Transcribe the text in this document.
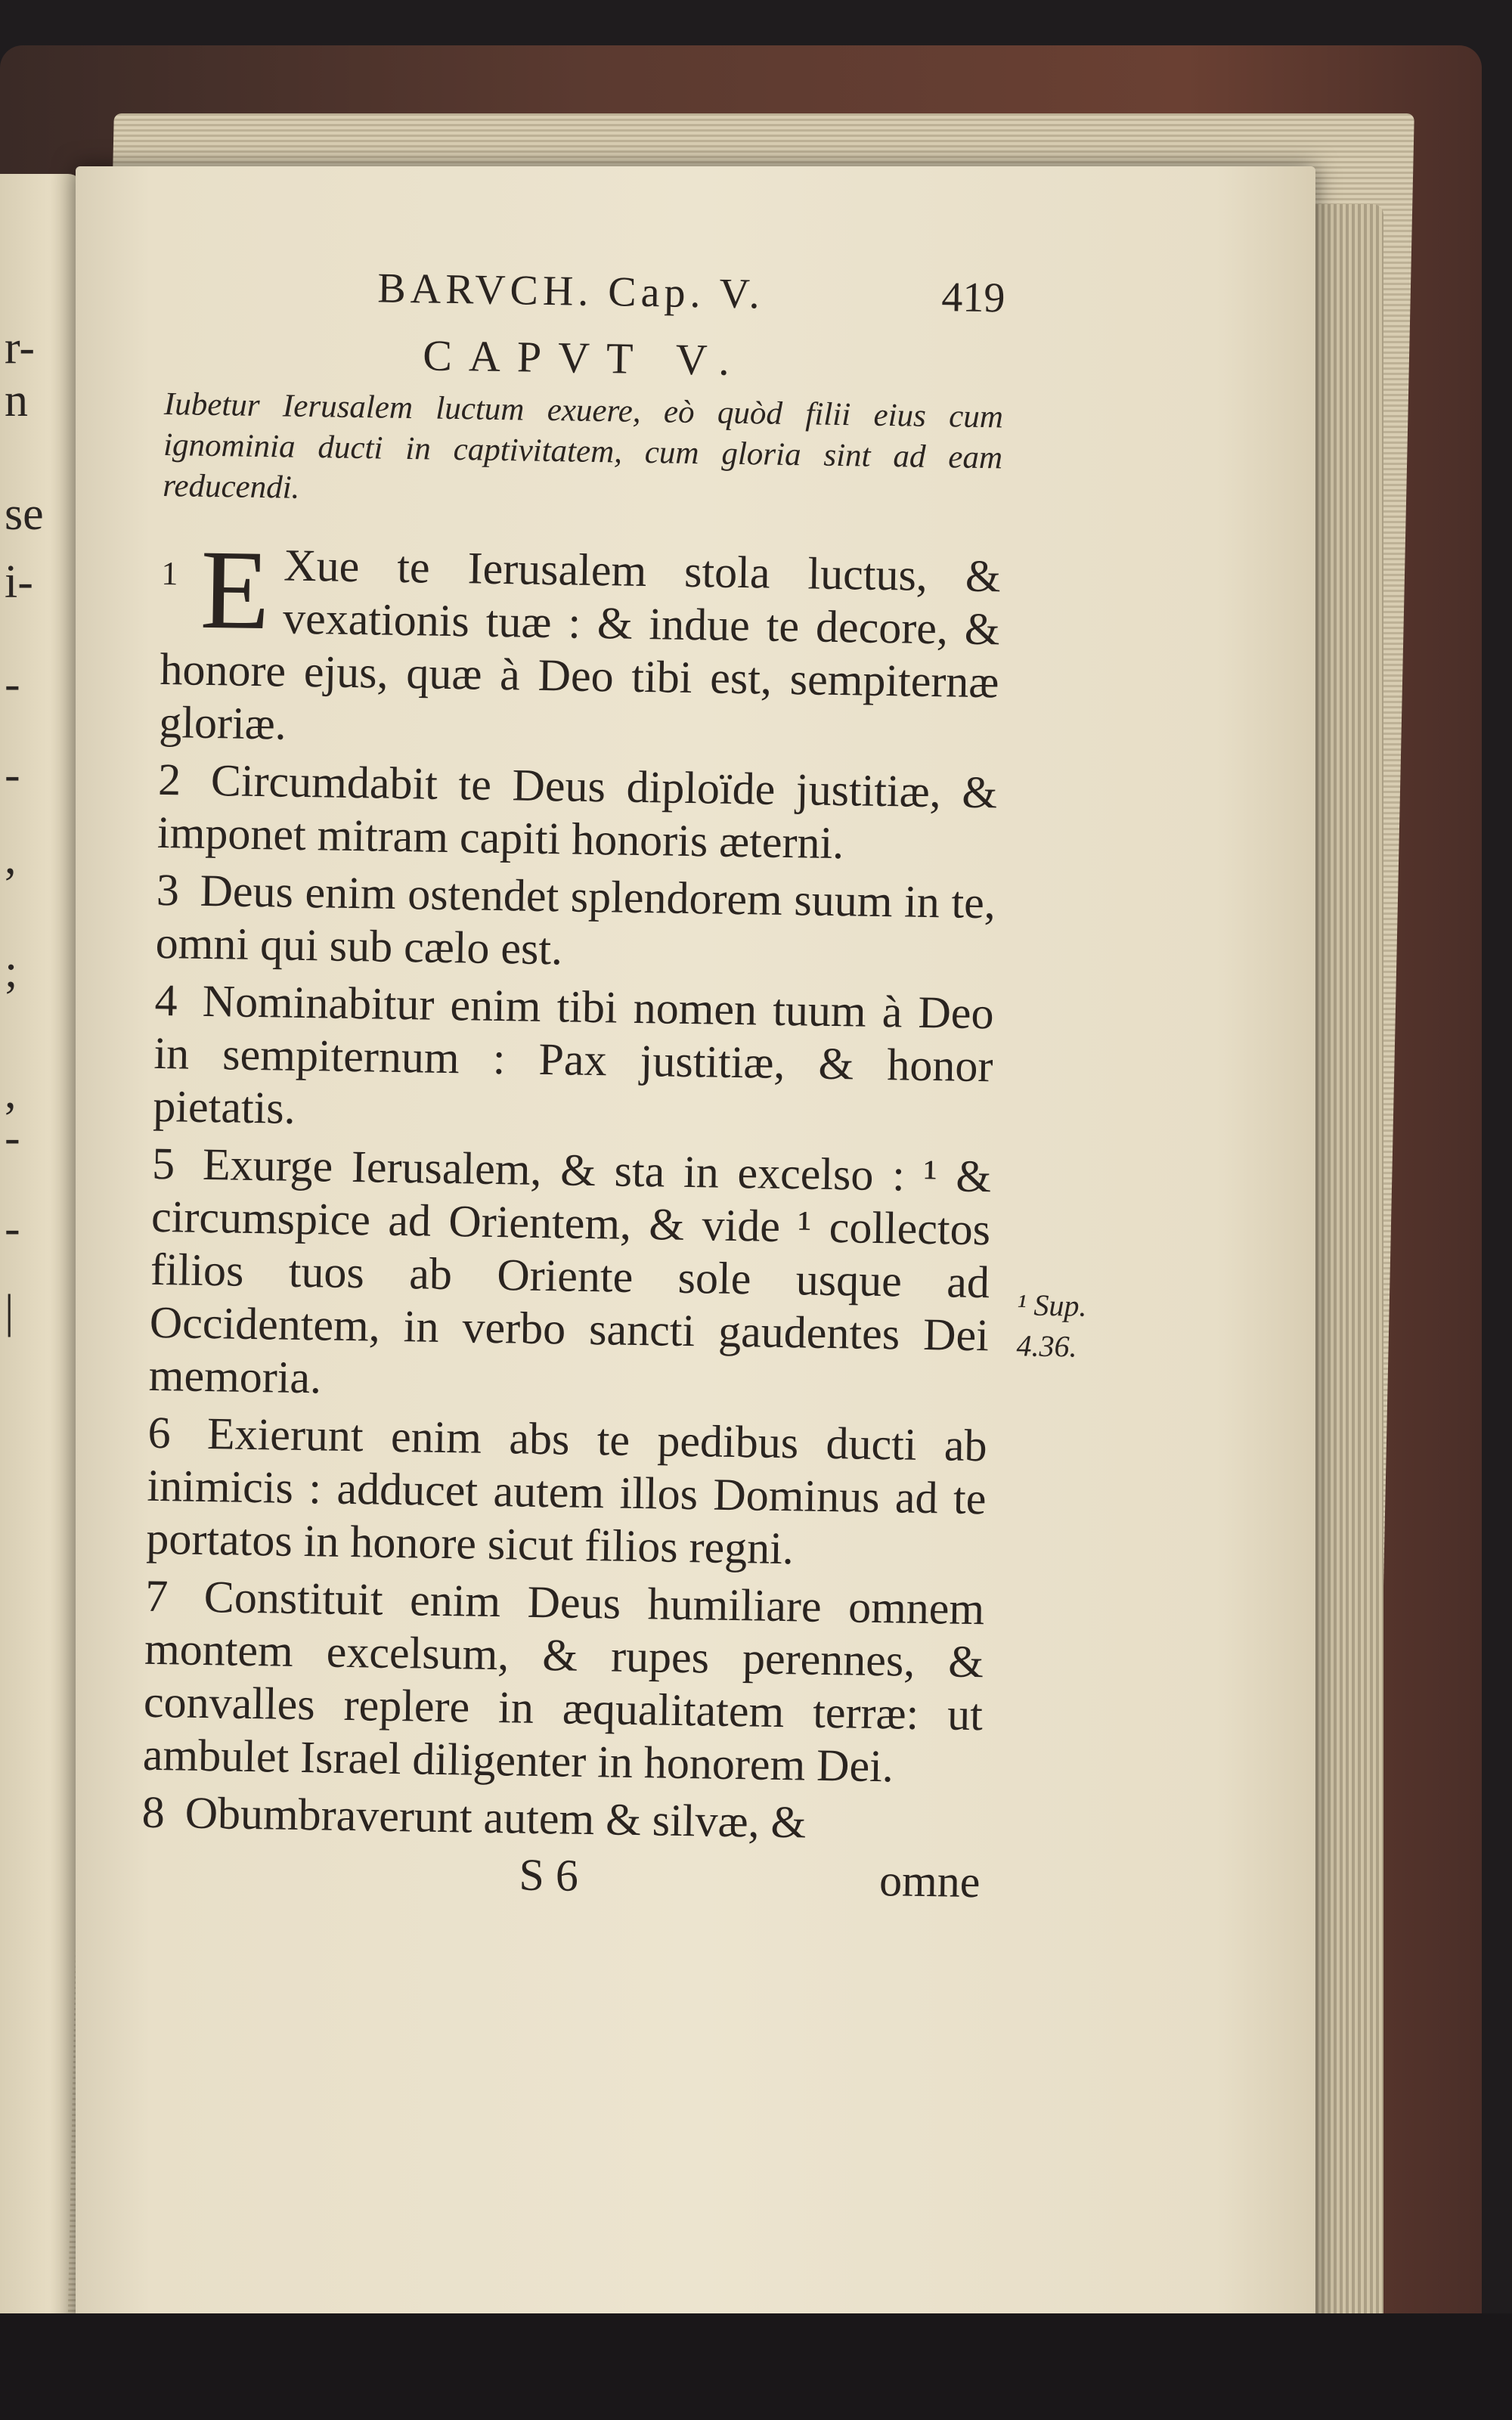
r-
n
se
i-
-
-
,
;
,
-
-
|
BARVCH. Cap. V.	419
CAPVT V.

Iubetur Ierusalem luctum exuere, eò quòd filii eius cum ignominia ducti in captivitatem, cum gloria sint ad eam reducendi.

1 E Xue te Ierusalem stola luctus, & vexationis tuæ : & indue te decore, & honore ejus, quæ à Deo tibi est, sempiternæ gloriæ.
2 Circumdabit te Deus diploïde justitiæ, & imponet mitram capiti honoris æterni.
3 Deus enim ostendet splendorem suum in te, omni qui sub cælo est.
4 Nominabitur enim tibi nomen tuum à Deo in sempiternum : Pax justitiæ, & honor pietatis.
5 Exurge Ierusalem, & sta in excelso : ¹ & circumspice ad Orientem, & vide ¹ collectos filios tuos ab Oriente sole usque ad Occidentem, in verbo sancti gaudentes Dei memoria.
6 Exierunt enim abs te pedibus ducti ab inimicis : adducet autem illos Dominus ad te portatos in honore sicut filios regni.
7 Constituit enim Deus humiliare omnem montem excelsum, & rupes perennes, & convalles replere in æqualitatem terræ: ut ambulet Israel diligenter in honorem Dei.
8 Obumbraverunt autem & silvæ, &
S 6	omne
¹ Sup.
4.36.
